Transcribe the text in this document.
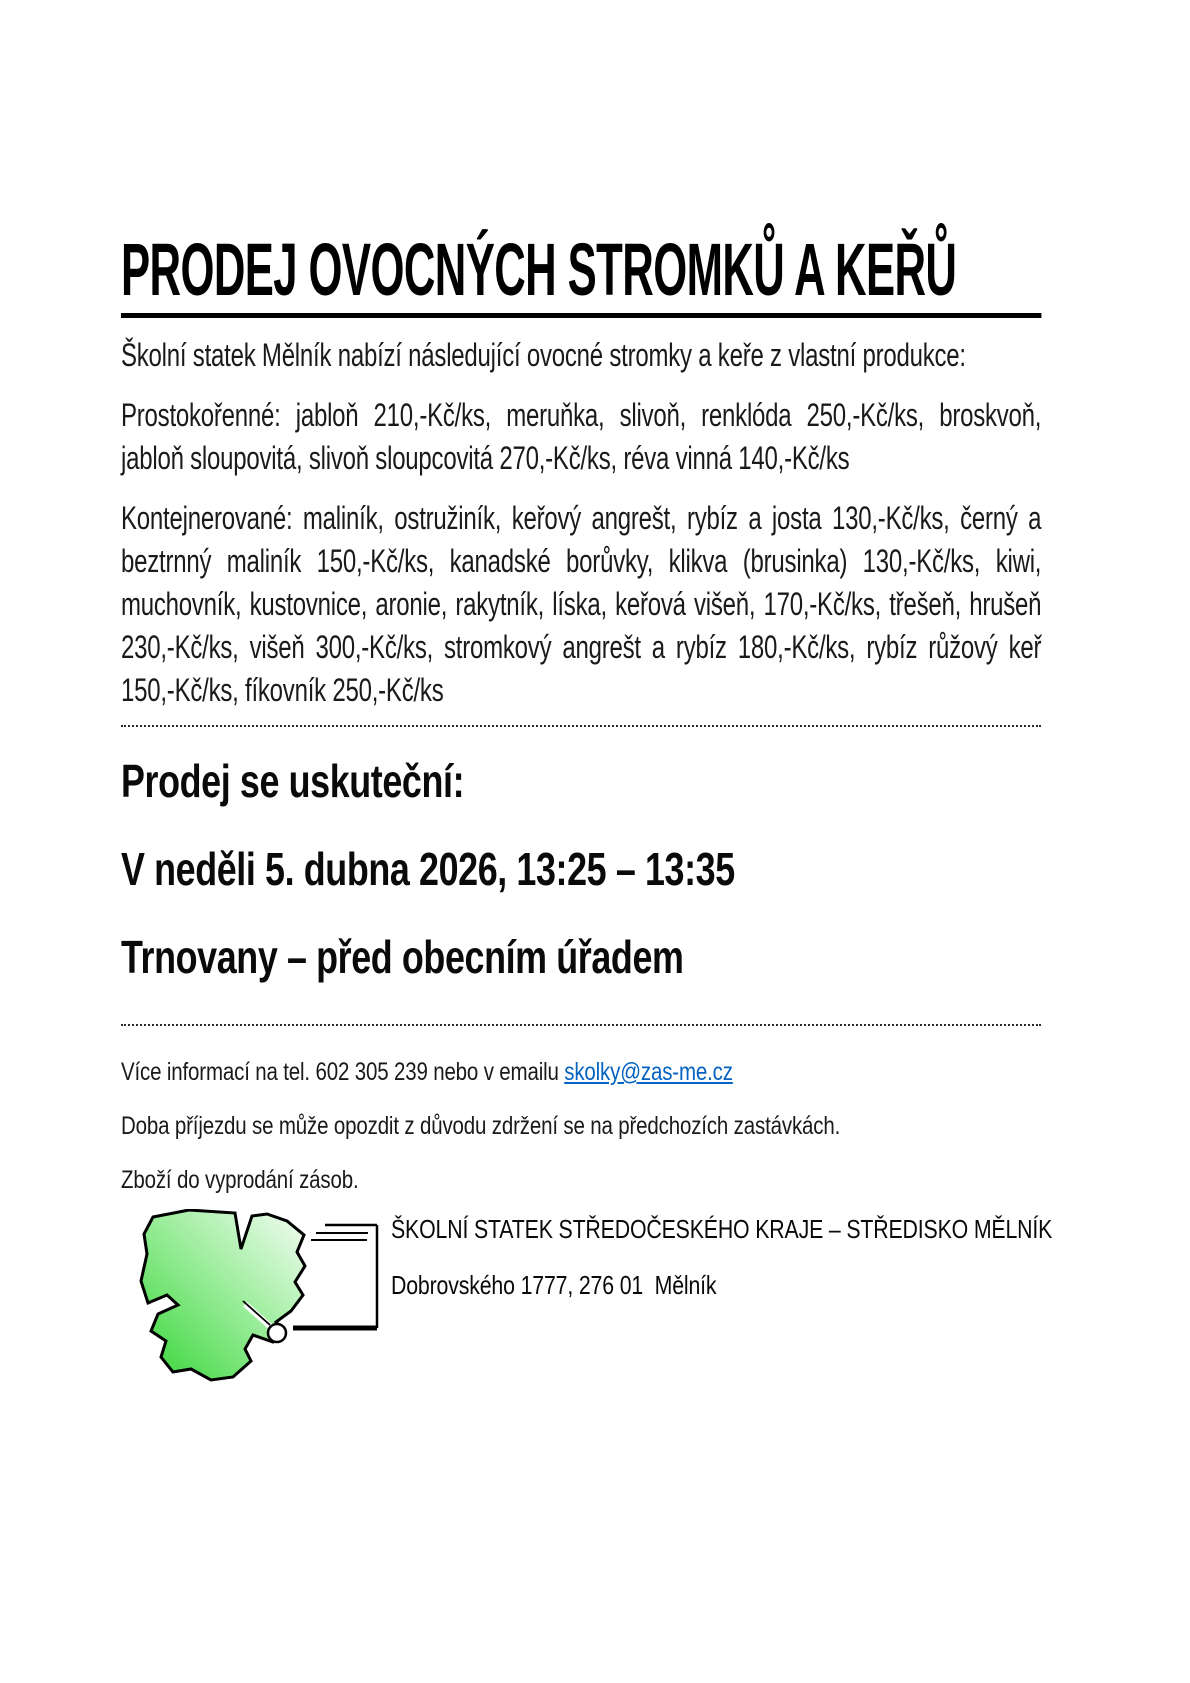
PRODEJ OVOCNÝCH STROMKŮ A KEŘŮ

Školní statek Mělník nabízí následující ovocné stromky a keře z vlastní produkce:

Prostokořenné: jabloň 210,-Kč/ks, meruňka, slivoň, renklóda 250,-Kč/ks, broskvoň, jabloň sloupovitá, slivoň sloupcovitá 270,-Kč/ks, réva vinná 140,-Kč/ks

Kontejnerované: maliník, ostružiník, keřový angrešt, rybíz a josta 130,-Kč/ks, černý a beztrnný maliník 150,-Kč/ks, kanadské borůvky, klikva (brusinka) 130,-Kč/ks, kiwi, muchovník, kustovnice, aronie, rakytník, líska, keřová višeň, 170,-Kč/ks, třešeň, hrušeň 230,-Kč/ks, višeň 300,-Kč/ks, stromkový angrešt a rybíz 180,-Kč/ks, rybíz růžový keř 150,-Kč/ks, fíkovník 250,-Kč/ks

Prodej se uskuteční:
V neděli 5. dubna 2026, 13:25 – 13:35
Trnovany – před obecním úřadem

Více informací na tel. 602 305 239 nebo v emailu skolky@zas-me.cz

Doba příjezdu se může opozdit z důvodu zdržení se na předchozích zastávkách.

Zboží do vyprodání zásob.

ŠKOLNÍ STATEK STŘEDOČESKÉHO KRAJE – STŘEDISKO MĚLNÍK

Dobrovského 1777, 276 01  Mělník
